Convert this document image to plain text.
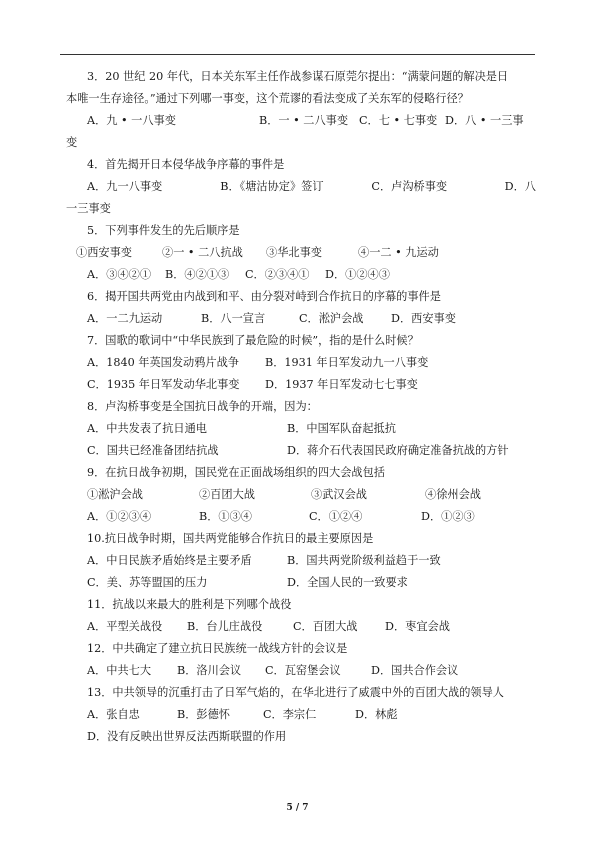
3．20 世纪 20 年代，日本关东军主任作战参谋石原莞尔提出：“满蒙问题的解决是日
本唯一生存途径。”通过下列哪一事变，这个荒谬的看法变成了关东军的侵略行径？
A．九 • 一八事变	B．一 • 二八事变 C．七 • 七事变 D．八 • 一三事
变
4．首先揭开日本侵华战争序幕的事件是
A．九一八事变	B．《塘沽协定》签订	C．卢沟桥事变	D．八
一三事变
5．下列事件发生的先后顺序是
①西安事变	②一 • 二八抗战	③华北事变	④一二 • 九运动
A．③④②①	B．④②①③	C．②③④①	D．①②④③
6．揭开国共两党由内战到和平、由分裂对峙到合作抗日的序幕的事件是
A．一二九运动	B．八一宣言	C．淞沪会战	D．西安事变
7．国歌的歌词中“中华民族到了最危险的时候”，指的是什么时候？
A．1840 年英国发动鸦片战争	B．1931 年日军发动九一八事变
C．1935 年日军发动华北事变	D．1937 年日军发动七七事变
8．卢沟桥事变是全国抗日战争的开端，因为：
A．中共发表了抗日通电	B．中国军队奋起抵抗
C．国共已经准备团结抗战	D．蒋介石代表国民政府确定准备抗战的方针
9．在抗日战争初期，国民党在正面战场组织的四大会战包括
①淞沪会战	②百团大战	③武汉会战	④徐州会战
A．①②③④	B．①③④	C．①②④	D．①②③
10.抗日战争时期，国共两党能够合作抗日的最主要原因是
A．中日民族矛盾始终是主要矛盾	B．国共两党阶级利益趋于一致
C．美、苏等盟国的压力	D．全国人民的一致要求
11．抗战以来最大的胜利是下列哪个战役
A．平型关战役	B．台儿庄战役	C．百团大战	D．枣宜会战
12．中共确定了建立抗日民族统一战线方针的会议是
A．中共七大	B．洛川会议	C．瓦窑堡会议	D．国共合作会议
13．中共领导的沉重打击了日军气焰的，在华北进行了威震中外的百团大战的领导人
A．张自忠	B．彭德怀	C．李宗仁	D．林彪
D．没有反映出世界反法西斯联盟的作用
5 / 7
